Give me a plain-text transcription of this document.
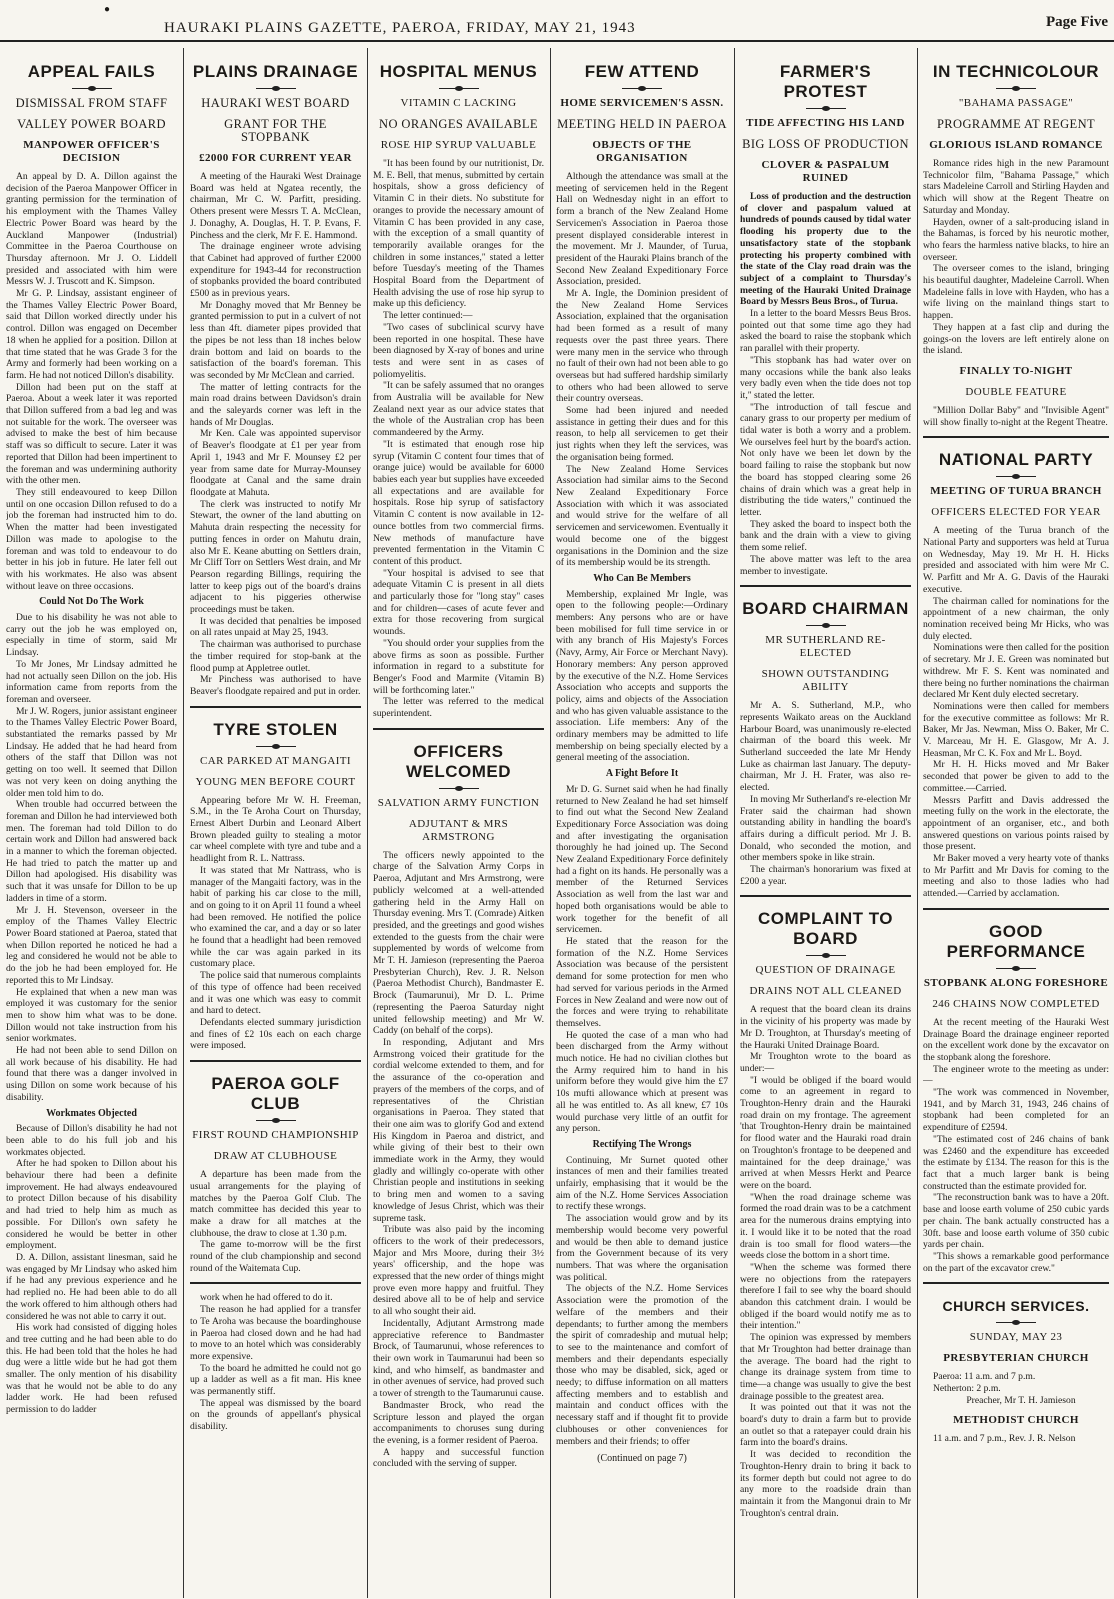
●
HAURAKI PLAINS GAZETTE, PAEROA, FRIDAY, MAY 21, 1943	Page Five
APPEAL FAILS
DISMISSAL FROM STAFF
VALLEY POWER BOARD
MANPOWER OFFICER'S DECISION

An appeal by D. A. Dillon against the decision of the Paeroa Manpower Officer in granting permission for the termination of his employment with the Thames Valley Electric Power Board was heard by the Auckland Manpower (Industrial) Committee in the Paeroa Courthouse on Thursday afternoon. Mr J. O. Liddell presided and associated with him were Messrs W. J. Truscott and K. Simpson.

Mr G. P. Lindsay, assistant engineer of the Thames Valley Electric Power Board, said that Dillon worked directly under his control. Dillon was engaged on December 18 when he applied for a position. Dillon at that time stated that he was Grade 3 for the Army and formerly had been working on a farm. He had not noticed Dillon's disability.

Dillon had been put on the staff at Paeroa. About a week later it was reported that Dillon suffered from a bad leg and was not suitable for the work. The overseer was advised to make the best of him because staff was so difficult to secure. Later it was reported that Dillon had been impertinent to the foreman and was undermining authority with the other men.

They still endeavoured to keep Dillon until on one occasion Dillon refused to do a job the foreman had instructed him to do. When the matter had been investigated Dillon was made to apologise to the foreman and was told to endeavour to do better in his job in future. He later fell out with his workmates. He also was absent without leave on three occasions.

Could Not Do The Work

Due to his disability he was not able to carry out the job he was employed on, especially in time of storm, said Mr Lindsay.

To Mr Jones, Mr Lindsay admitted he had not actually seen Dillon on the job. His information came from reports from the foreman and overseer.

Mr J. W. Rogers, junior assistant engineer to the Thames Valley Electric Power Board, substantiated the remarks passed by Mr Lindsay. He added that he had heard from others of the staff that Dillon was not getting on too well. It seemed that Dillon was not very keen on doing anything the older men told him to do.

When trouble had occurred between the foreman and Dillon he had interviewed both men. The foreman had told Dillon to do certain work and Dillon had answered back in a manner to which the foreman objected. He had tried to patch the matter up and Dillon had apologised. His disability was such that it was unsafe for Dillon to be up ladders in time of a storm.

Mr J. H. Stevenson, overseer in the employ of the Thames Valley Electric Power Board stationed at Paeroa, stated that when Dillon reported he noticed he had a leg and considered he would not be able to do the job he had been employed for. He reported this to Mr Lindsay.

He explained that when a new man was employed it was customary for the senior men to show him what was to be done. Dillon would not take instruction from his senior workmates.

He had not been able to send Dillon on all work because of his disability. He had found that there was a danger involved in using Dillon on some work because of his disability.

Workmates Objected

Because of Dillon's disability he had not been able to do his full job and his workmates objected.

After he had spoken to Dillon about his behaviour there had been a definite improvement. He had always endeavoured to protect Dillon because of his disability and had tried to help him as much as possible. For Dillon's own safety he considered he would be better in other employment.

D. A. Dillon, assistant linesman, said he was engaged by Mr Lindsay who asked him if he had any previous experience and he had replied no. He had been able to do all the work offered to him although others had considered he was not able to carry it out.

His work had consisted of digging holes and tree cutting and he had been able to do this. He had been told that the holes he had dug were a little wide but he had got them smaller. The only mention of his disability was that he would not be able to do any ladder work. He had been refused permission to do ladder

PLAINS DRAINAGE
HAURAKI WEST BOARD
GRANT FOR THE STOPBANK
£2000 FOR CURRENT YEAR

A meeting of the Hauraki West Drainage Board was held at Ngatea recently, the chairman, Mr C. W. Parfitt, presiding. Others present were Messrs T. A. McClean, J. Donaghy, A. Douglas, H. T. P. Evans, F. Pinchess and the clerk, Mr F. E. Hammond.

The drainage engineer wrote advising that Cabinet had approved of further £2000 expenditure for 1943-44 for reconstruction of stopbanks provided the board contributed £500 as in previous years.

Mr Donaghy moved that Mr Benney be granted permission to put in a culvert of not less than 4ft. diameter pipes provided that the pipes be not less than 18 inches below drain bottom and laid on boards to the satisfaction of the board's foreman. This was seconded by Mr McClean and carried.

The matter of letting contracts for the main road drains between Davidson's drain and the saleyards corner was left in the hands of Mr Douglas.

Mr Ken. Cale was appointed supervisor of Beaver's floodgate at £1 per year from April 1, 1943 and Mr F. Mounsey £2 per year from same date for Murray-Mounsey floodgate at Canal and the same drain floodgate at Mahuta.

The clerk was instructed to notify Mr Stewart, the owner of the land abutting on Mahuta drain respecting the necessity for putting fences in order on Mahutu drain, also Mr E. Keane abutting on Settlers drain, Mr Cliff Torr on Settlers West drain, and Mr Pearson regarding Billings, requiring the latter to keep pigs out of the board's drains adjacent to his piggeries otherwise proceedings must be taken.

It was decided that penalties be imposed on all rates unpaid at May 25, 1943.

The chairman was authorised to purchase the timber required for stop-bank at the flood pump at Appletree outlet.

Mr Pinchess was authorised to have Beaver's floodgate repaired and put in order.

TYRE STOLEN
CAR PARKED AT MANGAITI
YOUNG MEN BEFORE COURT

Appearing before Mr W. H. Freeman, S.M., in the Te Aroha Court on Thursday, Ernest Albert Durbin and Leonard Albert Brown pleaded guilty to stealing a motor car wheel complete with tyre and tube and a headlight from R. L. Nattrass.

It was stated that Mr Nattrass, who is manager of the Mangaiti factory, was in the habit of parking his car close to the mill, and on going to it on April 11 found a wheel had been removed. He notified the police who examined the car, and a day or so later he found that a headlight had been removed while the car was again parked in its customary place.

The police said that numerous complaints of this type of offence had been received and it was one which was easy to commit and hard to detect.

Defendants elected summary jurisdiction and fines of £2 10s each on each charge were imposed.

PAEROA GOLF CLUB
FIRST ROUND CHAMPIONSHIP
DRAW AT CLUBHOUSE

A departure has been made from the usual arrangements for the playing of matches by the Paeroa Golf Club. The match committee has decided this year to make a draw for all matches at the clubhouse, the draw to close at 1.30 p.m.

The game to-morrow will be the first round of the club championship and second round of the Waitemata Cup.

work when he had offered to do it.

The reason he had applied for a transfer to Te Aroha was because the boardinghouse in Paeroa had closed down and he had had to move to an hotel which was considerably more expensive.

To the board he admitted he could not go up a ladder as well as a fit man. His knee was permanently stiff.

The appeal was dismissed by the board on the grounds of appellant's physical disability.

HOSPITAL MENUS
VITAMIN C LACKING
NO ORANGES AVAILABLE
ROSE HIP SYRUP VALUABLE

"It has been found by our nutritionist, Dr. M. E. Bell, that menus, submitted by certain hospitals, show a gross deficiency of Vitamin C in their diets. No substitute for oranges to provide the necessary amount of Vitamin C has been provided in any case, with the exception of a small quantity of temporarily available oranges for the children in some instances," stated a letter before Tuesday's meeting of the Thames Hospital Board from the Department of Health advising the use of rose hip syrup to make up this deficiency.

The letter continued:—

"Two cases of subclinical scurvy have been reported in one hospital. These have been diagnosed by X-ray of bones and urine tests and were sent in as cases of poliomyelitis.

"It can be safely assumed that no oranges from Australia will be available for New Zealand next year as our advice states that the whole of the Australian crop has been commandeered by the Army.

"It is estimated that enough rose hip syrup (Vitamin C content four times that of orange juice) would be available for 6000 babies each year but supplies have exceeded all expectations and are available for hospitals. Rose hip syrup of satisfactory Vitamin C content is now available in 12-ounce bottles from two commercial firms. New methods of manufacture have prevented fermentation in the Vitamin C content of this product.

"Your hospital is advised to see that adequate Vitamin C is present in all diets and particularly those for "long stay" cases and for children—cases of acute fever and extra for those recovering from surgical wounds.

"You should order your supplies from the above firms as soon as possible. Further information in regard to a substitute for Benger's Food and Marmite (Vitamin B) will be forthcoming later."

The letter was referred to the medical superintendent.

OFFICERS WELCOMED
SALVATION ARMY FUNCTION
ADJUTANT & MRS ARMSTRONG

The officers newly appointed to the charge of the Salvation Army Corps in Paeroa, Adjutant and Mrs Armstrong, were publicly welcomed at a well-attended gathering held in the Army Hall on Thursday evening. Mrs T. (Comrade) Aitken presided, and the greetings and good wishes extended to the guests from the chair were supplemented by words of welcome from Mr T. H. Jamieson (representing the Paeroa Presbyterian Church), Rev. J. R. Nelson (Paeroa Methodist Church), Bandmaster E. Brock (Taumarunui), Mr D. L. Prime (representing the Paeroa Saturday night united fellowship meeting) and Mr W. Caddy (on behalf of the corps).

In responding, Adjutant and Mrs Armstrong voiced their gratitude for the cordial welcome extended to them, and for the assurance of the co-operation and prayers of the members of the corps, and of representatives of the Christian organisations in Paeroa. They stated that their one aim was to glorify God and extend His Kingdom in Paeroa and district, and while giving of their best to their own immediate work in the Army, they would gladly and willingly co-operate with other Christian people and institutions in seeking to bring men and women to a saving knowledge of Jesus Christ, which was their supreme task.

Tribute was also paid by the incoming officers to the work of their predecessors, Major and Mrs Moore, during their 3½ years' officership, and the hope was expressed that the new order of things might prove even more happy and fruitful. They desired above all to be of help and service to all who sought their aid.

Incidentally, Adjutant Armstrong made appreciative reference to Bandmaster Brock, of Taumarunui, whose references to their own work in Taumarunui had been so kind, and who himself, as bandmaster and in other avenues of service, had proved such a tower of strength to the Taumarunui cause.

Bandmaster Brock, who read the Scripture lesson and played the organ accompaniments to choruses sung during the evening, is a former resident of Paeroa.

A happy and successful function concluded with the serving of supper.

FEW ATTEND
HOME SERVICEMEN'S ASSN.
MEETING HELD IN PAEROA
OBJECTS OF THE ORGANISATION

Although the attendance was small at the meeting of servicemen held in the Regent Hall on Wednesday night in an effort to form a branch of the New Zealand Home Servicemen's Association in Paeroa those present displayed considerable interest in the movement. Mr J. Maunder, of Turua, president of the Hauraki Plains branch of the Second New Zealand Expeditionary Force Association, presided.

Mr A. Ingle, the Dominion president of the New Zealand Home Services Association, explained that the organisation had been formed as a result of many requests over the past three years. There were many men in the service who through no fault of their own had not been able to go overseas but had suffered hardship similarly to others who had been allowed to serve their country overseas.

Some had been injured and needed assistance in getting their dues and for this reason, to help all servicemen to get their just rights when they left the services, was the organisation being formed.

The New Zealand Home Services Association had similar aims to the Second New Zealand Expeditionary Force Association with which it was associated and would strive for the welfare of all servicemen and servicewomen. Eventually it would become one of the biggest organisations in the Dominion and the size of its membership would be its strength.

Who Can Be Members

Membership, explained Mr Ingle, was open to the following people:—Ordinary members: Any persons who are or have been mobilised for full time service in or with any branch of His Majesty's Forces (Navy, Army, Air Force or Merchant Navy). Honorary members: Any person approved by the executive of the N.Z. Home Services Association who accepts and supports the policy, aims and objects of the Association and who has given valuable assistance to the association. Life members: Any of the ordinary members may be admitted to life membership on being specially elected by a general meeting of the association.

A Fight Before It

Mr D. G. Surnet said when he had finally returned to New Zealand he had set himself to find out what the Second New Zealand Expeditionary Force Association was doing and after investigating the organisation thoroughly he had joined up. The Second New Zealand Expeditionary Force definitely had a fight on its hands. He personally was a member of the Returned Services Association as well from the last war and hoped both organisations would be able to work together for the benefit of all servicemen.

He stated that the reason for the formation of the N.Z. Home Services Association was because of the persistent demand for some protection for men who had served for various periods in the Armed Forces in New Zealand and were now out of the forces and were trying to rehabilitate themselves.

He quoted the case of a man who had been discharged from the Army without much notice. He had no civilian clothes but the Army required him to hand in his uniform before they would give him the £7 10s mufti allowance which at present was all he was entitled to. As all knew, £7 10s would purchase very little of an outfit for any person.

Rectifying The Wrongs

Continuing, Mr Surnet quoted other instances of men and their families treated unfairly, emphasising that it would be the aim of the N.Z. Home Services Association to rectify these wrongs.

The association would grow and by its membership would become very powerful and would be then able to demand justice from the Government because of its very numbers. That was where the organisation was political.

The objects of the N.Z. Home Services Association were the promotion of the welfare of the members and their dependants; to further among the members the spirit of comradeship and mutual help; to see to the maintenance and comfort of members and their dependants especially those who may be disabled, sick, aged or needy; to diffuse information on all matters affecting members and to establish and maintain and conduct offices with the necessary staff and if thought fit to provide clubhouses or other conveniences for members and their friends; to offer

(Continued on page 7)
FARMER'S PROTEST
TIDE AFFECTING HIS LAND
BIG LOSS OF PRODUCTION
CLOVER & PASPALUM RUINED

Loss of production and the destruction of clover and paspalum valued at hundreds of pounds caused by tidal water flooding his property due to the unsatisfactory state of the stopbank protecting his property combined with the state of the Clay road drain was the subject of a complaint to Thursday's meeting of the Hauraki United Drainage Board by Messrs Beus Bros., of Turua.

In a letter to the board Messrs Beus Bros. pointed out that some time ago they had asked the board to raise the stopbank which ran parallel with their property.

"This stopbank has had water over on many occasions while the bank also leaks very badly even when the tide does not top it," stated the letter.

"The introduction of tall fescue and canary grass to our property per medium of tidal water is both a worry and a problem. We ourselves feel hurt by the board's action. Not only have we been let down by the board failing to raise the stopbank but now the board has stopped clearing some 26 chains of drain which was a great help in distributing the tide waters," continued the letter.

They asked the board to inspect both the bank and the drain with a view to giving them some relief.

The above matter was left to the area member to investigate.

BOARD CHAIRMAN
MR SUTHERLAND RE-ELECTED
SHOWN OUTSTANDING ABILITY

Mr A. S. Sutherland, M.P., who represents Waikato areas on the Auckland Harbour Board, was unanimously re-elected chairman of the board this week. Mr Sutherland succeeded the late Mr Hendy Luke as chairman last January. The deputy-chairman, Mr J. H. Frater, was also re-elected.

In moving Mr Sutherland's re-election Mr Frater said the chairman had shown outstanding ability in handling the board's affairs during a difficult period. Mr J. B. Donald, who seconded the motion, and other members spoke in like strain.

The chairman's honorarium was fixed at £200 a year.

COMPLAINT TO BOARD
QUESTION OF DRAINAGE
DRAINS NOT ALL CLEANED

A request that the board clean its drains in the vicinity of his property was made by Mr D. Troughton, at Thursday's meeting of the Hauraki United Drainage Board.

Mr Troughton wrote to the board as under:—

"I would be obliged if the board would come to an agreement in regard to Troughton-Henry drain and the Hauraki road drain on my frontage. The agreement 'that Troughton-Henry drain be maintained for flood water and the Hauraki road drain on Troughton's frontage to be deepened and maintained for the deep drainage,' was arrived at when Messrs Herkt and Pearce were on the board.

"When the road drainage scheme was formed the road drain was to be a catchment area for the numerous drains emptying into it. I would like it to be noted that the road drain is too small for flood waters—the weeds close the bottom in a short time.

"When the scheme was formed there were no objections from the ratepayers therefore I fail to see why the board should abandon this catchment drain. I would be obliged if the board would notify me as to their intention."

The opinion was expressed by members that Mr Troughton had better drainage than the average. The board had the right to change its drainage system from time to time—a change was usually to give the best drainage possible to the greatest area.

It was pointed out that it was not the board's duty to drain a farm but to provide an outlet so that a ratepayer could drain his farm into the board's drains.

It was decided to recondition the Troughton-Henry drain to bring it back to its former depth but could not agree to do any more to the roadside drain than maintain it from the Mangonui drain to Mr Troughton's central drain.

IN TECHNICOLOUR
"BAHAMA PASSAGE"
PROGRAMME AT REGENT
GLORIOUS ISLAND ROMANCE

Romance rides high in the new Paramount Technicolor film, "Bahama Passage," which stars Madeleine Carroll and Stirling Hayden and which will show at the Regent Theatre on Saturday and Monday.

Hayden, owner of a salt-producing island in the Bahamas, is forced by his neurotic mother, who fears the harmless native blacks, to hire an overseer.

The overseer comes to the island, bringing his beautiful daughter, Madeleine Carroll. When Madeleine falls in love with Hayden, who has a wife living on the mainland things start to happen.

They happen at a fast clip and during the goings-on the lovers are left entirely alone on the island.

FINALLY TO-NIGHT
DOUBLE FEATURE

"Million Dollar Baby" and "Invisible Agent" will show finally to-night at the Regent Theatre.

NATIONAL PARTY
MEETING OF TURUA BRANCH
OFFICERS ELECTED FOR YEAR

A meeting of the Turua branch of the National Party and supporters was held at Turua on Wednesday, May 19. Mr H. H. Hicks presided and associated with him were Mr C. W. Parfitt and Mr A. G. Davis of the Hauraki executive.

The chairman called for nominations for the appointment of a new chairman, the only nomination received being Mr Hicks, who was duly elected.

Nominations were then called for the position of secretary. Mr J. E. Green was nominated but withdrew. Mr F. S. Kent was nominated and there being no further nominations the chairman declared Mr Kent duly elected secretary.

Nominations were then called for members for the executive committee as follows: Mr R. Baker, Mr Jas. Newman, Miss O. Baker, Mr C. V. Marceau, Mr H. E. Glasgow, Mr A. J. Heasman, Mr C. K. Fox and Mr L. Boyd.

Mr H. H. Hicks moved and Mr Baker seconded that power be given to add to the committee.—Carried.

Messrs Parfitt and Davis addressed the meeting fully on the work in the electorate, the appointment of an organiser, etc., and both answered questions on various points raised by those present.

Mr Baker moved a very hearty vote of thanks to Mr Parfitt and Mr Davis for coming to the meeting and also to those ladies who had attended.—Carried by acclamation.

GOOD PERFORMANCE
STOPBANK ALONG FORESHORE
246 CHAINS NOW COMPLETED

At the recent meeting of the Hauraki West Drainage Board the drainage engineer reported on the excellent work done by the excavator on the stopbank along the foreshore.

The engineer wrote to the meeting as under:—

"The work was commenced in November, 1941, and by March 31, 1943, 246 chains of stopbank had been completed for an expenditure of £2594.

"The estimated cost of 246 chains of bank was £2460 and the expenditure has exceeded the estimate by £134. The reason for this is the fact that a much larger bank is being constructed than the estimate provided for.

"The reconstruction bank was to have a 20ft. base and loose earth volume of 250 cubic yards per chain. The bank actually constructed has a 30ft. base and loose earth volume of 350 cubic yards per chain.

"This shows a remarkable good performance on the part of the excavator crew."

CHURCH SERVICES.
SUNDAY, MAY 23
PRESBYTERIAN CHURCH

Paeroa: 11 a.m. and 7 p.m.

Netherton: 2 p.m.

Preacher, Mr T. H. Jamieson

METHODIST CHURCH

11 a.m. and 7 p.m., Rev. J. R. Nelson
